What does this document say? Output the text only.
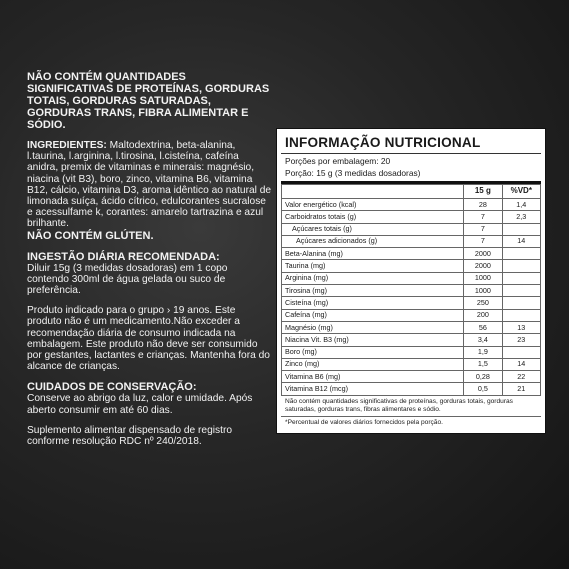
NÃO CONTÉM QUANTIDADES SIGNIFICATIVAS DE PROTEÍNAS, GORDURAS TOTAIS, GORDURAS SATURADAS, GORDURAS TRANS, FIBRA ALIMENTAR E SÓDIO.

INGREDIENTES: Maltodextrina, beta-alanina, l.taurina, l.arginina, l.tirosina, l.cisteína, cafeína anidra, premix de vitaminas e minerais: magnésio, niacina (vit B3), boro, zinco, vitamina B6, vitamina B12, cálcio, vitamina D3, aroma idêntico ao natural de limonada suíça, ácido cítrico, edulcorantes sucralose e acessulfame k, corantes: amarelo tartrazina e azul brilhante.

NÃO CONTÉM GLÚTEN.

INGESTÃO DIÁRIA RECOMENDADA:

Diluir 15g (3 medidas dosadoras) em 1 copo contendo 300ml de água gelada ou suco de preferência.

Produto indicado para o grupo › 19 anos. Este produto não é um medicamento.Não exceder a recomendação diária de consumo indicada na embalagem. Este produto não deve ser consumido por gestantes, lactantes e crianças. Mantenha fora do alcance de crianças.

CUIDADOS DE CONSERVAÇÃO:

Conserve ao abrigo da luz, calor e umidade. Após aberto consumir em até 60 dias.

Suplemento alimentar dispensado de registro conforme resolução RDC nº 240/2018.

INFORMAÇÃO NUTRICIONAL
Porções por embalagem: 20
Porção: 15 g (3 medidas dosadoras)
	15 g	%VD*
Valor energético (kcal)	28	1,4
Carboidratos totais (g)	7	2,3
Açúcares totais (g)	7	
Açúcares adicionados (g)	7	14
Beta-Alanina (mg)	2000	
Taurina (mg)	2000	
Arginina (mg)	1000	
Tirosina (mg)	1000	
Cisteína (mg)	250	
Cafeína (mg)	200	
Magnésio (mg)	56	13
Niacina Vit. B3 (mg)	3,4	23
Boro (mg)	1,9	
Zinco (mg)	1,5	14
Vitamina B6 (mg)	0,28	22
Vitamina B12 (mcg)	0,5	21
Não contém quantidades significativas de proteínas, gorduras totais, gorduras saturadas, gorduras trans, fibras alimentares e sódio.
*Percentual de valores diários fornecidos pela porção.
